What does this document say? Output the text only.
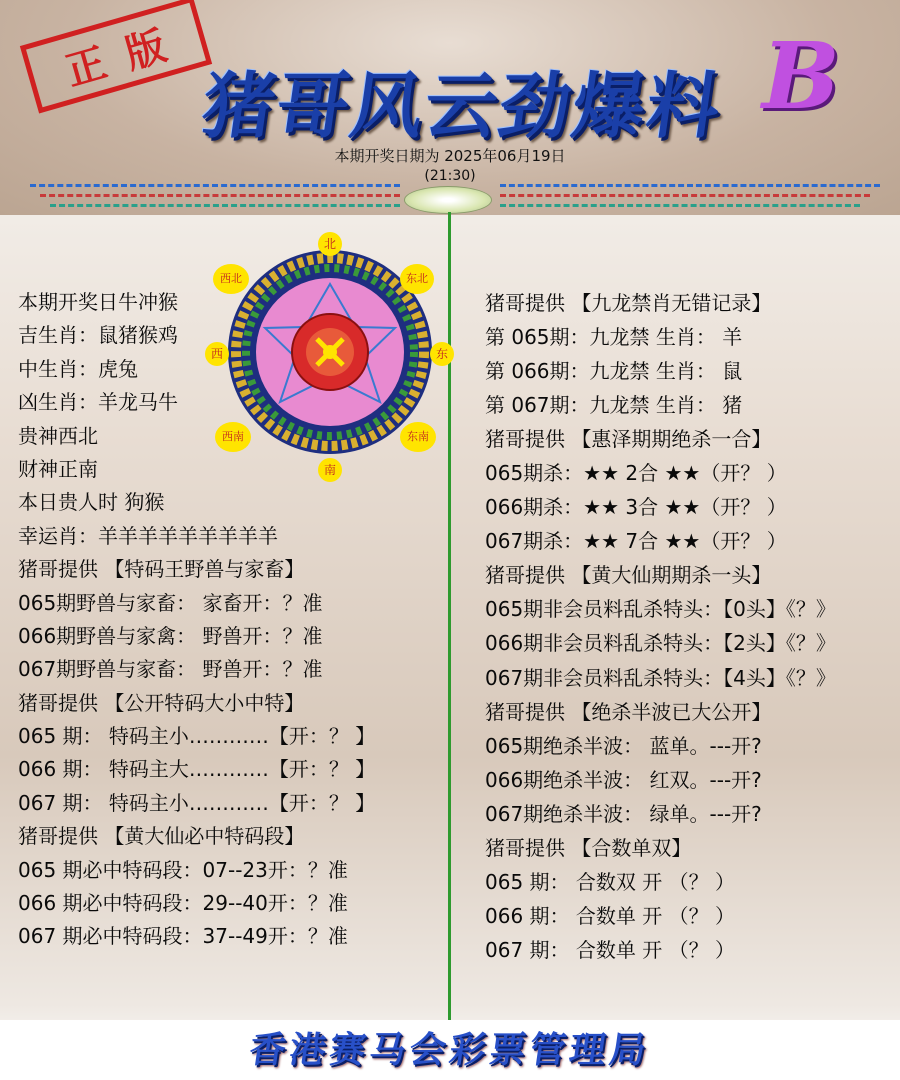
正版
猪哥风云劲爆料 B
本期开奖日期为 2025年06月19日
(21:30)
北
东北
东
东南
南
西南
西
西北
本期开奖日牛冲猴
吉生肖：鼠猪猴鸡
中生肖：虎兔
凶生肖：羊龙马牛
贵神西北
财神正南
本日贵人时 狗猴
幸运肖：羊羊羊羊羊羊羊羊羊
猪哥提供 【特码王野兽与家畜】
065期野兽与家畜： 家畜开：？准
066期野兽与家禽： 野兽开：？准
067期野兽与家畜： 野兽开：？准
猪哥提供 【公开特码大小中特】
065 期： 特码主小…………【开：？ 】
066 期： 特码主大…………【开：？ 】
067 期： 特码主小…………【开：？ 】
猪哥提供 【黄大仙必中特码段】
065 期必中特码段：07--23开：？准
066 期必中特码段：29--40开：？准
067 期必中特码段：37--49开：？准
猪哥提供 【九龙禁肖无错记录】
第 065期：九龙禁 生肖： 羊
第 066期：九龙禁 生肖： 鼠
第 067期：九龙禁 生肖： 猪
猪哥提供 【惠泽期期绝杀一合】
065期杀：★★ 2合 ★★（开？ ）
066期杀：★★ 3合 ★★（开？ ）
067期杀：★★ 7合 ★★（开？ ）
猪哥提供 【黄大仙期期杀一头】
065期非会员料乱杀特头：【0头】《？》
066期非会员料乱杀特头：【2头】《？》
067期非会员料乱杀特头：【4头】《？》
猪哥提供 【绝杀半波已大公开】
065期绝杀半波： 蓝单。---开?
066期绝杀半波： 红双。---开?
067期绝杀半波： 绿单。---开?
猪哥提供 【合数单双】
065 期： 合数双 开 （？ ）
066 期： 合数单 开 （？ ）
067 期： 合数单 开 （？ ）
香港赛马会彩票管理局
